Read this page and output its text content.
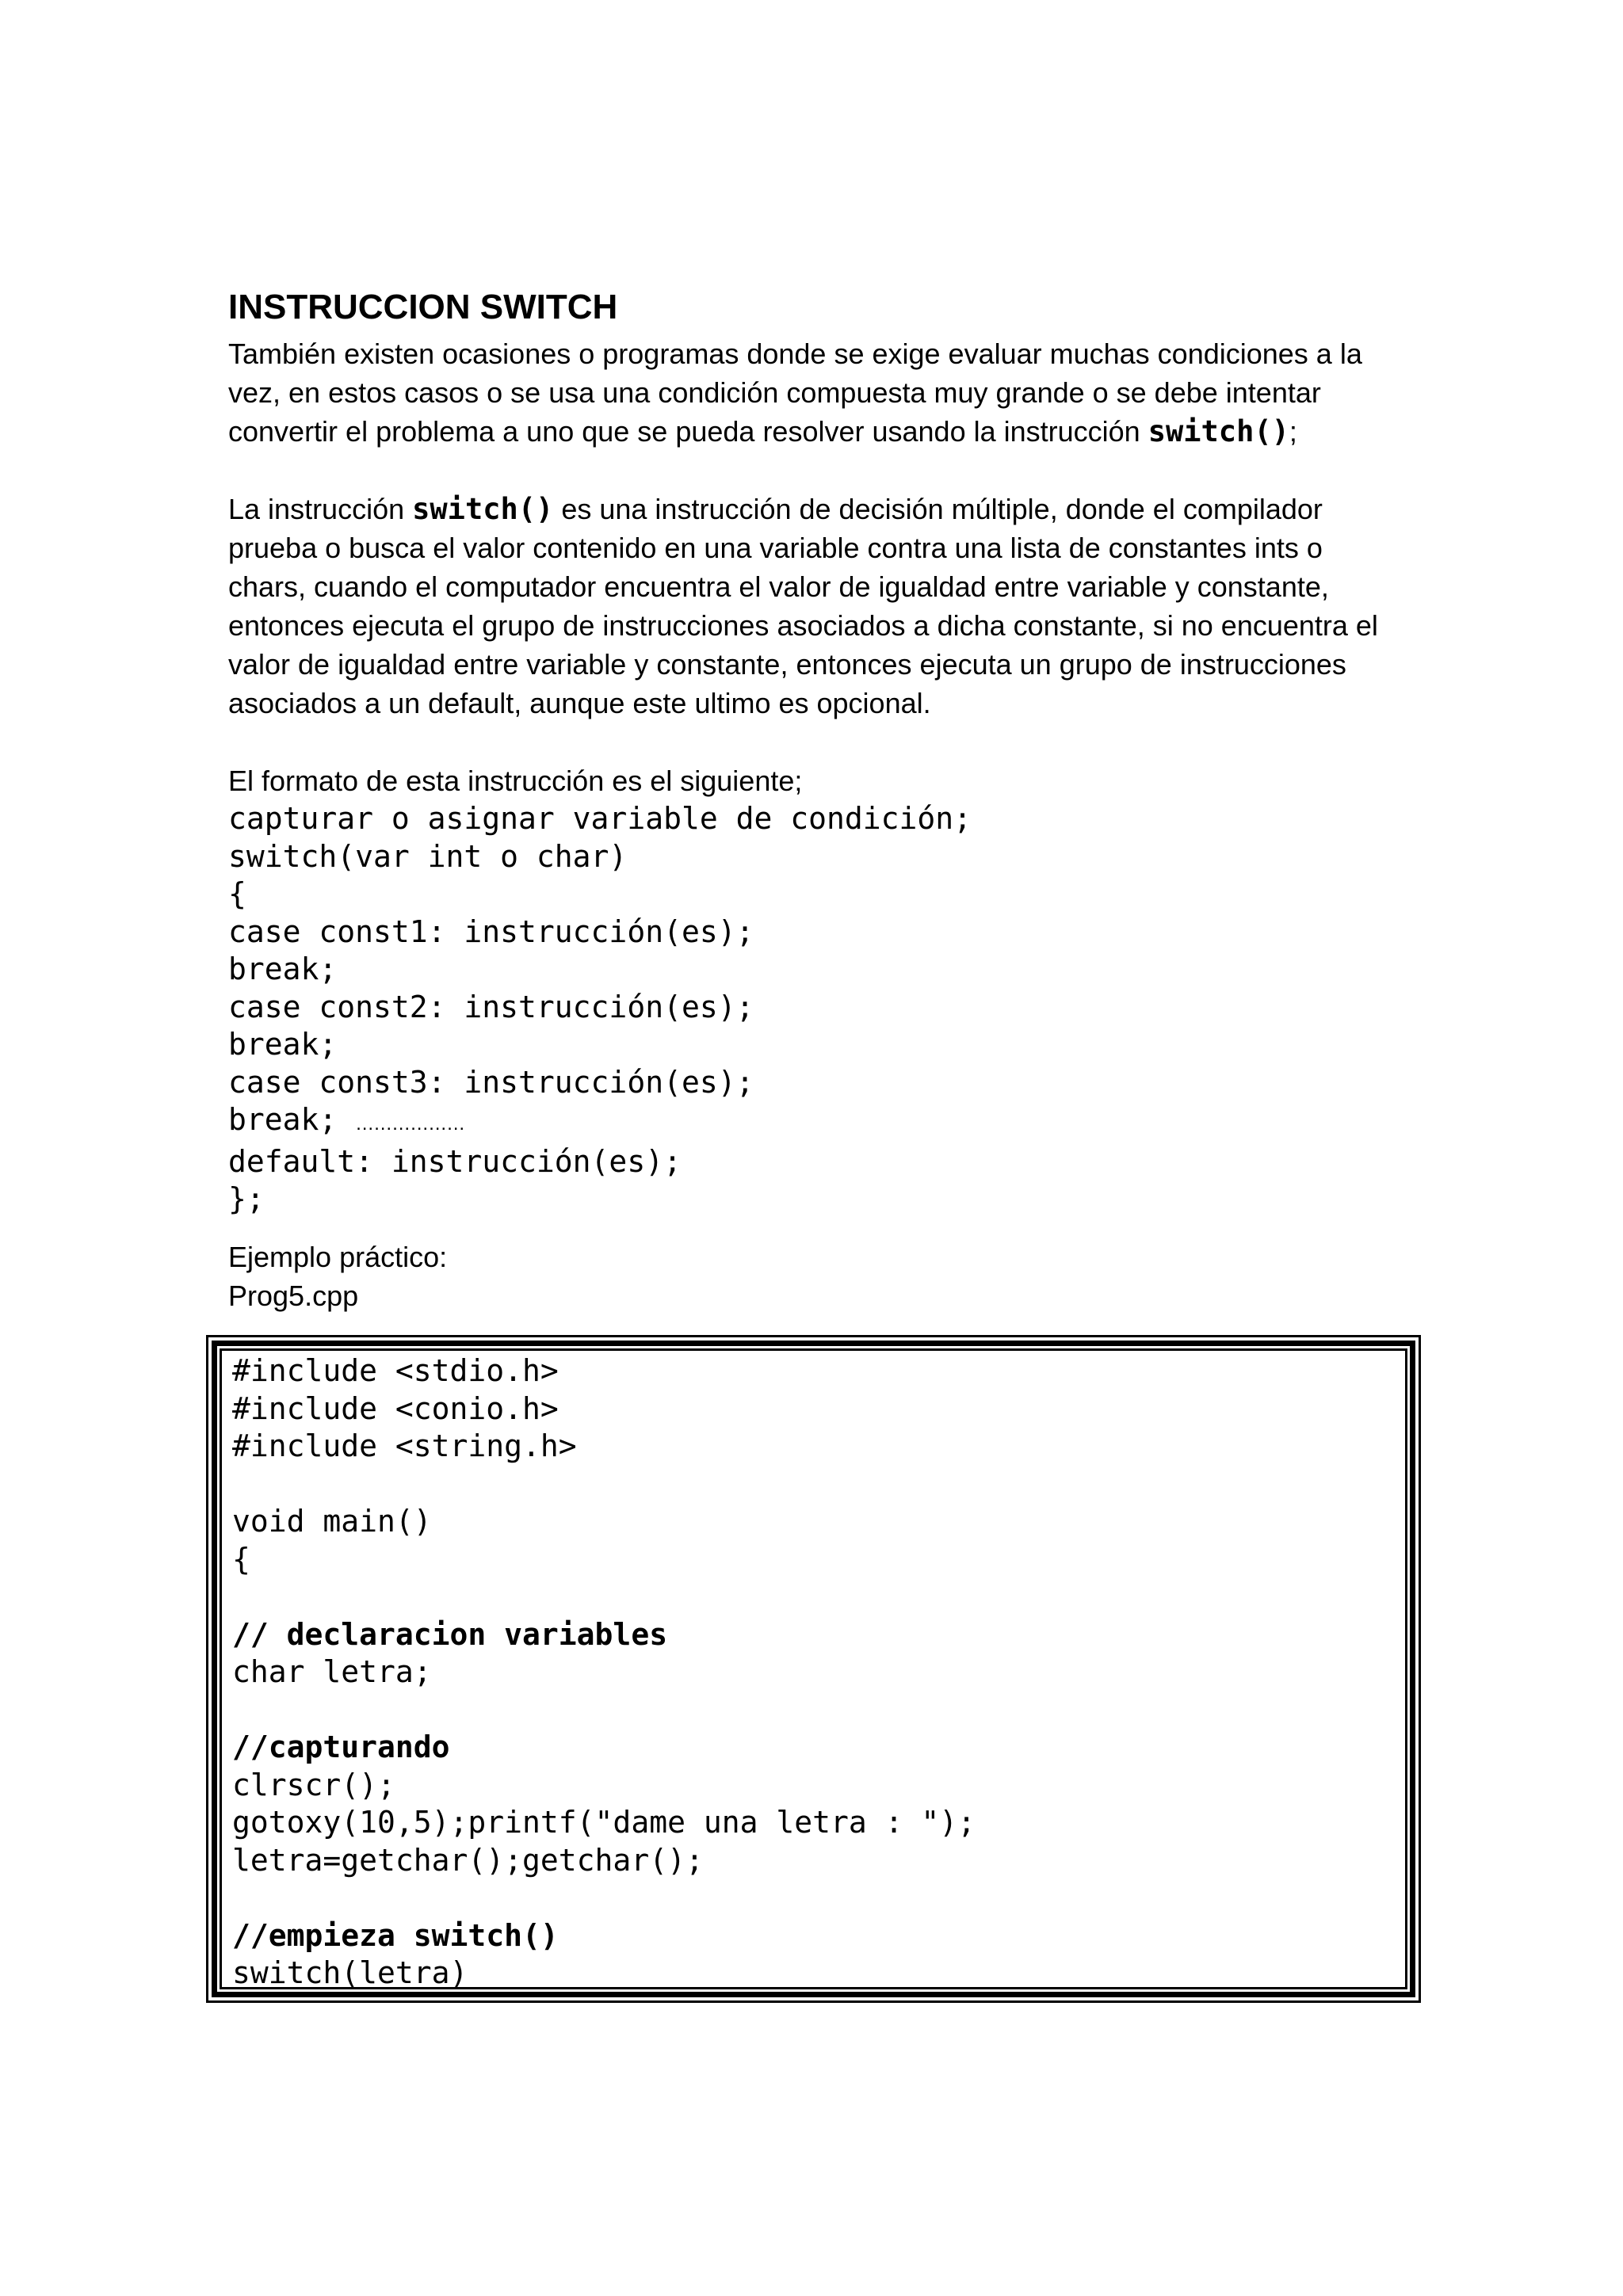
INSTRUCCION SWITCH

También existen ocasiones o programas donde se exige evaluar muchas condiciones a la

vez, en estos casos o se usa una condición compuesta muy grande o se debe intentar

convertir el problema a uno que se pueda resolver usando la instrucción switch();

La instrucción switch() es una instrucción de decisión múltiple, donde el compilador

prueba o busca el valor contenido en una variable contra una lista de constantes ints o

chars, cuando el computador encuentra el valor de igualdad entre variable y constante,

entonces ejecuta el grupo de instrucciones asociados a dicha constante, si no encuentra el

valor de igualdad entre variable y constante, entonces ejecuta un grupo de instrucciones

asociados a un default, aunque este ultimo es opcional.

El formato de esta instrucción es el siguiente;

capturar o asignar variable de condición;
switch(var int o char)
{
case const1: instrucción(es);
break;
case const2: instrucción(es);
break;
case const3: instrucción(es);
break; ………………
default: instrucción(es);
};

Ejemplo práctico:

Prog5.cpp

#include <stdio.h>
#include <conio.h>
#include <string.h>

void main()
{

// declaracion variables
char letra;

//capturando
clrscr();
gotoxy(10,5);printf("dame una letra : ");
letra=getchar();getchar();

//empieza switch()
switch(letra)
